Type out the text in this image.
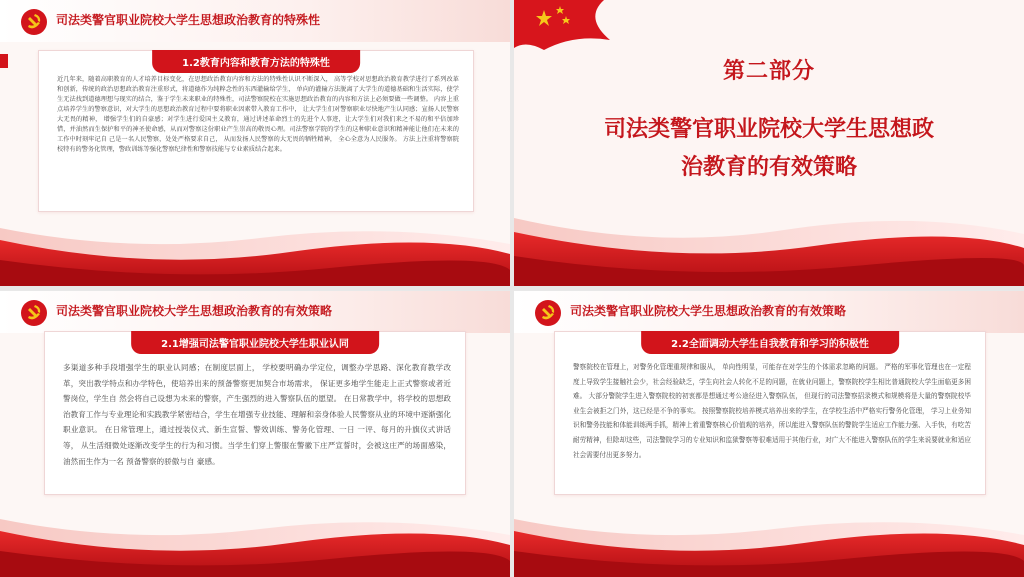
司法类警官职业院校大学生思想政治教育的特殊性
1.2教育内容和教育方法的特殊性
近几年来，随着高职教育的人才培养目标变化，在思想政治教育内容和方法的特殊性认识不断深入， 高等学校对思想政治教育教学进行了系列改革和创新，传统的政治思想政治教育注重形式，将道德作为纯粹念性的东西灌输给学生， 单向的灌输方法脱离了大学生的道德基础和生活实际，使学生无法找到道德理想与现实的结合，鉴于学生未来职业的特殊性，司法警察院校在实施思想政治教育的内容和方法上必须要做一些调整。 内容上重点培养学生的警察意识，对大学生的思想政治教育过程中要将职业因素带入教育工作中， 让大学生们对警察职业尽快地产生认同感；宣扬人民警察大无畏的精神， 增强学生们的自豪感；对学生进行爱国主义教育，通过讲述革命烈士的先进个人事迹，让大学生们对我们来之不易的和平倍加珍惜，并油然而生保护和平的神圣使命感，从而对警察这份职业产生崇高的敬畏心理。司法警察学院的学生的这种职业意识和精神能让他们在未来的工作中时刻牢记自 己是一名人民警察，处处严格要求自己， 从而发扬人民警察的大无畏的牺牲精神， 全心全意为人民服务。 方法上注重将警察院校特有的警务化管理，警政训练等强化警察纪律性和警察技能与专业素质结合起来。
第二部分
司法类警官职业院校大学生思想政
治教育的有效策略
司法类警官职业院校大学生思想政治教育的有效策略
2.1增强司法警官职业院校大学生职业认同
多渠道多种手段增强学生的职业认同感；在制度层面上， 学校要明确办学定位，调整办学思路、深化教育教学改革，突出教学特点和办学特色，使培养出来的预备警察更加契合市场需求， 保证更多地学生能走上正式警察或者近警岗位，学生自 然会将自己设想为未来的警察，产生强烈的进入警察队伍的愿望。 在日常教学中，将学校的思想政治教育工作与专业理论和实践教学紧密结合，学生在增强专业技能、理解和亲身体验人民警察从业的环境中逐渐强化职业意识。 在日常管理上，通过授装仪式、新生宣誓、警效训练、警务化管理、一日 一评、每月的升旗仪式讲话等， 从生活细微处逐渐改变学生的行为和习惯。当学生们穿上警服在警徽下庄严宣誓时，会被这庄严的场面感染，油然而生作为一名 预备警察的骄傲与自 豪感。
司法类警官职业院校大学生思想政治教育的有效策略
2.2全面调动大学生自我教育和学习的积极性
警察院校在管理上，对警务化管理重规律和服从， 单向性明显，可能存在对学生的个体需求忽略的问题。 严格的军事化管理也在一定程度上导致学生接触社会少，社会经验缺乏，学生向社会人转化不足的问题，在就业问题上，警察院校学生相比普通院校大学生面临更多困难。 大部分警院学生进入警察院校的初衷都是想通过考公途径进入警察队伍， 但现行的司法警察招录模式和规模将是大量的警察院校毕业生会被拒之门外，这已经是不争的事实。 按照警察院校培养模式培养出来的学生，在学校生活中严格实行警务化管理， 学习上业务知识和警务技能和体能训练两手抓，精神上着重警察核心价值观的培养，所以能进入警察队伍的警院学生适应工作能力强、入手快，有吃苦耐劳精神，但除却这些，司法警院学习的专业知识和监狱警察等很难适用于其他行业，对广大不能进入警察队伍的学生来说要就业和适应社会需要付出更多努力。
